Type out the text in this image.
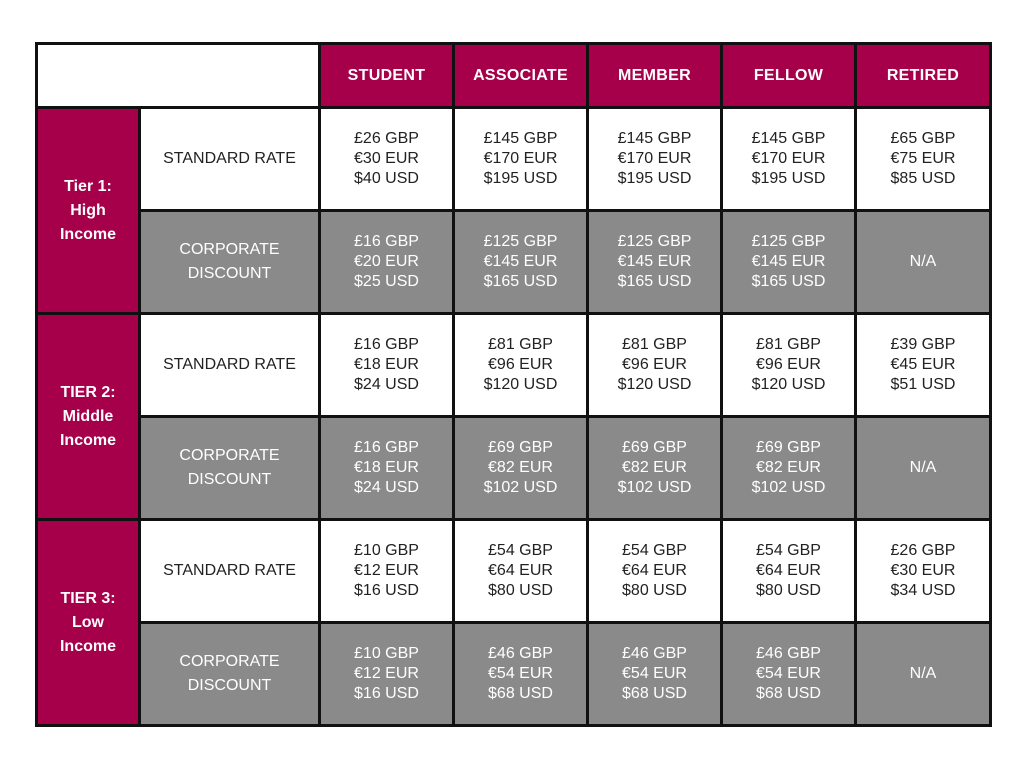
		STUDENT	ASSOCIATE	MEMBER	FELLOW	RETIRED

Tier 1:
High
Income	STANDARD RATE	£26 GBP
€30 EUR
$40 USD	£145 GBP
€170 EUR
$195 USD	£145 GBP
€170 EUR
$195 USD	£145 GBP
€170 EUR
$195 USD	£65 GBP
€75 EUR
$85 USD

	CORPORATE
DISCOUNT	£16 GBP
€20 EUR
$25 USD	£125 GBP
€145 EUR
$165 USD	£125 GBP
€145 EUR
$165 USD	£125 GBP
€145 EUR
$165 USD	N/A

TIER 2:
Middle
Income	STANDARD RATE	£16 GBP
€18 EUR
$24 USD	£81 GBP
€96 EUR
$120 USD	£81 GBP
€96 EUR
$120 USD	£81 GBP
€96 EUR
$120 USD	£39 GBP
€45 EUR
$51 USD

	CORPORATE
DISCOUNT	£16 GBP
€18 EUR
$24 USD	£69 GBP
€82 EUR
$102 USD	£69 GBP
€82 EUR
$102 USD	£69 GBP
€82 EUR
$102 USD	N/A

TIER 3:
Low
Income	STANDARD RATE	£10 GBP
€12 EUR
$16 USD	£54 GBP
€64 EUR
$80 USD	£54 GBP
€64 EUR
$80 USD	£54 GBP
€64 EUR
$80 USD	£26 GBP
€30 EUR
$34 USD

	CORPORATE
DISCOUNT	£10 GBP
€12 EUR
$16 USD	£46 GBP
€54 EUR
$68 USD	£46 GBP
€54 EUR
$68 USD	£46 GBP
€54 EUR
$68 USD	N/A
